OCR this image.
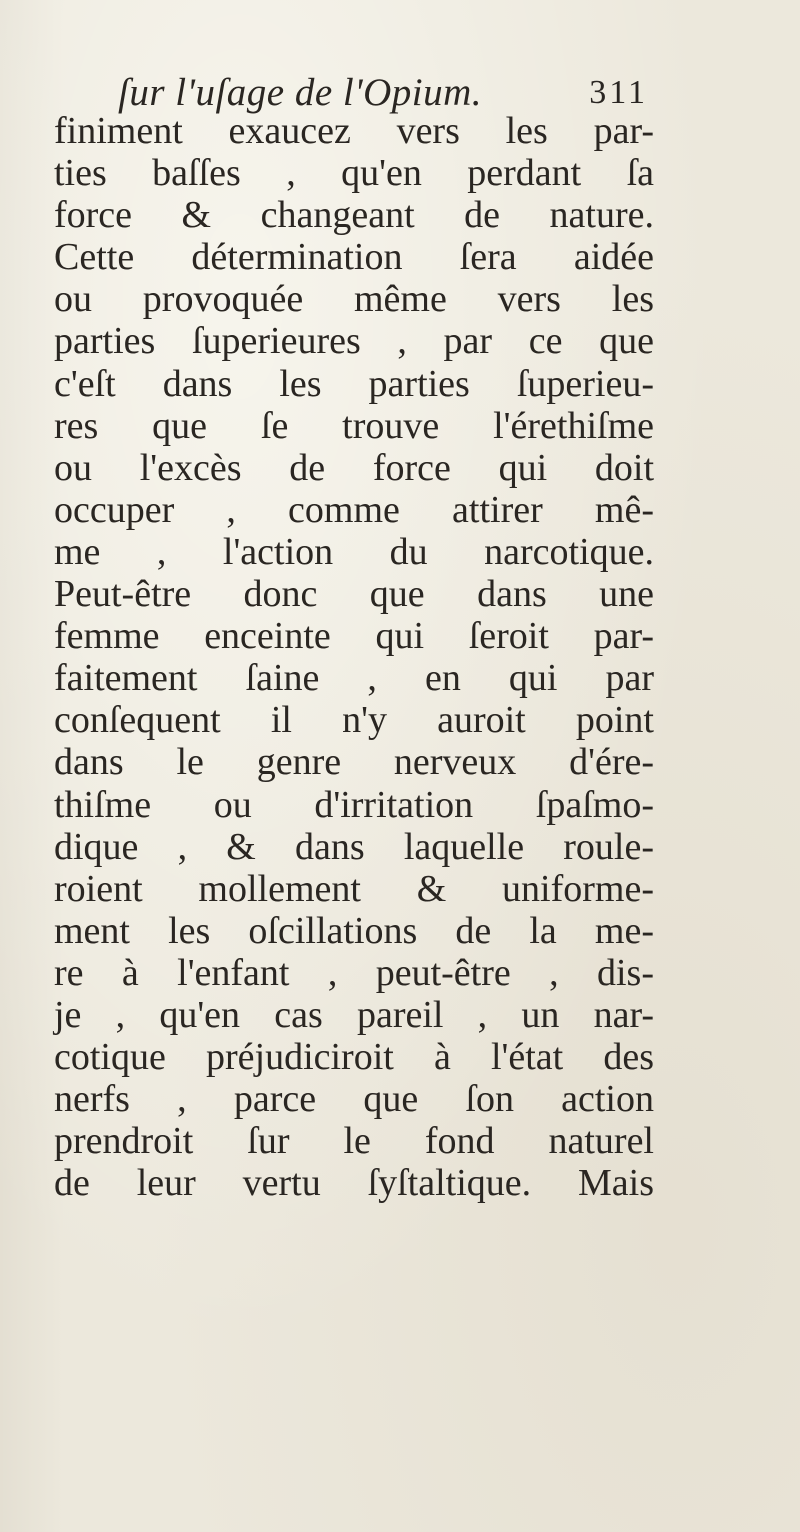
ſur l'uſage de l'Opium.	311
finiment exaucez vers les par-
ties baſſes , qu'en perdant ſa
force & changeant de nature.
Cette détermination ſera aidée
ou provoquée même vers les
parties ſuperieures , par ce que
c'eſt dans les parties ſuperieu-
res que ſe trouve l'érethiſme
ou l'excès de force qui doit
occuper , comme attirer mê-
me , l'action du narcotique.
Peut-être donc que dans une
femme enceinte qui ſeroit par-
faitement ſaine , en qui par
conſequent il n'y auroit point
dans le genre nerveux d'ére-
thiſme ou d'irritation ſpaſmo-
dique , & dans laquelle roule-
roient mollement & uniforme-
ment les oſcillations de la me-
re à l'enfant , peut-être , dis-
je , qu'en cas pareil , un nar-
cotique préjudiciroit à l'état des
nerfs , parce que ſon action
prendroit ſur le fond naturel
de leur vertu ſyſtaltique. Mais
